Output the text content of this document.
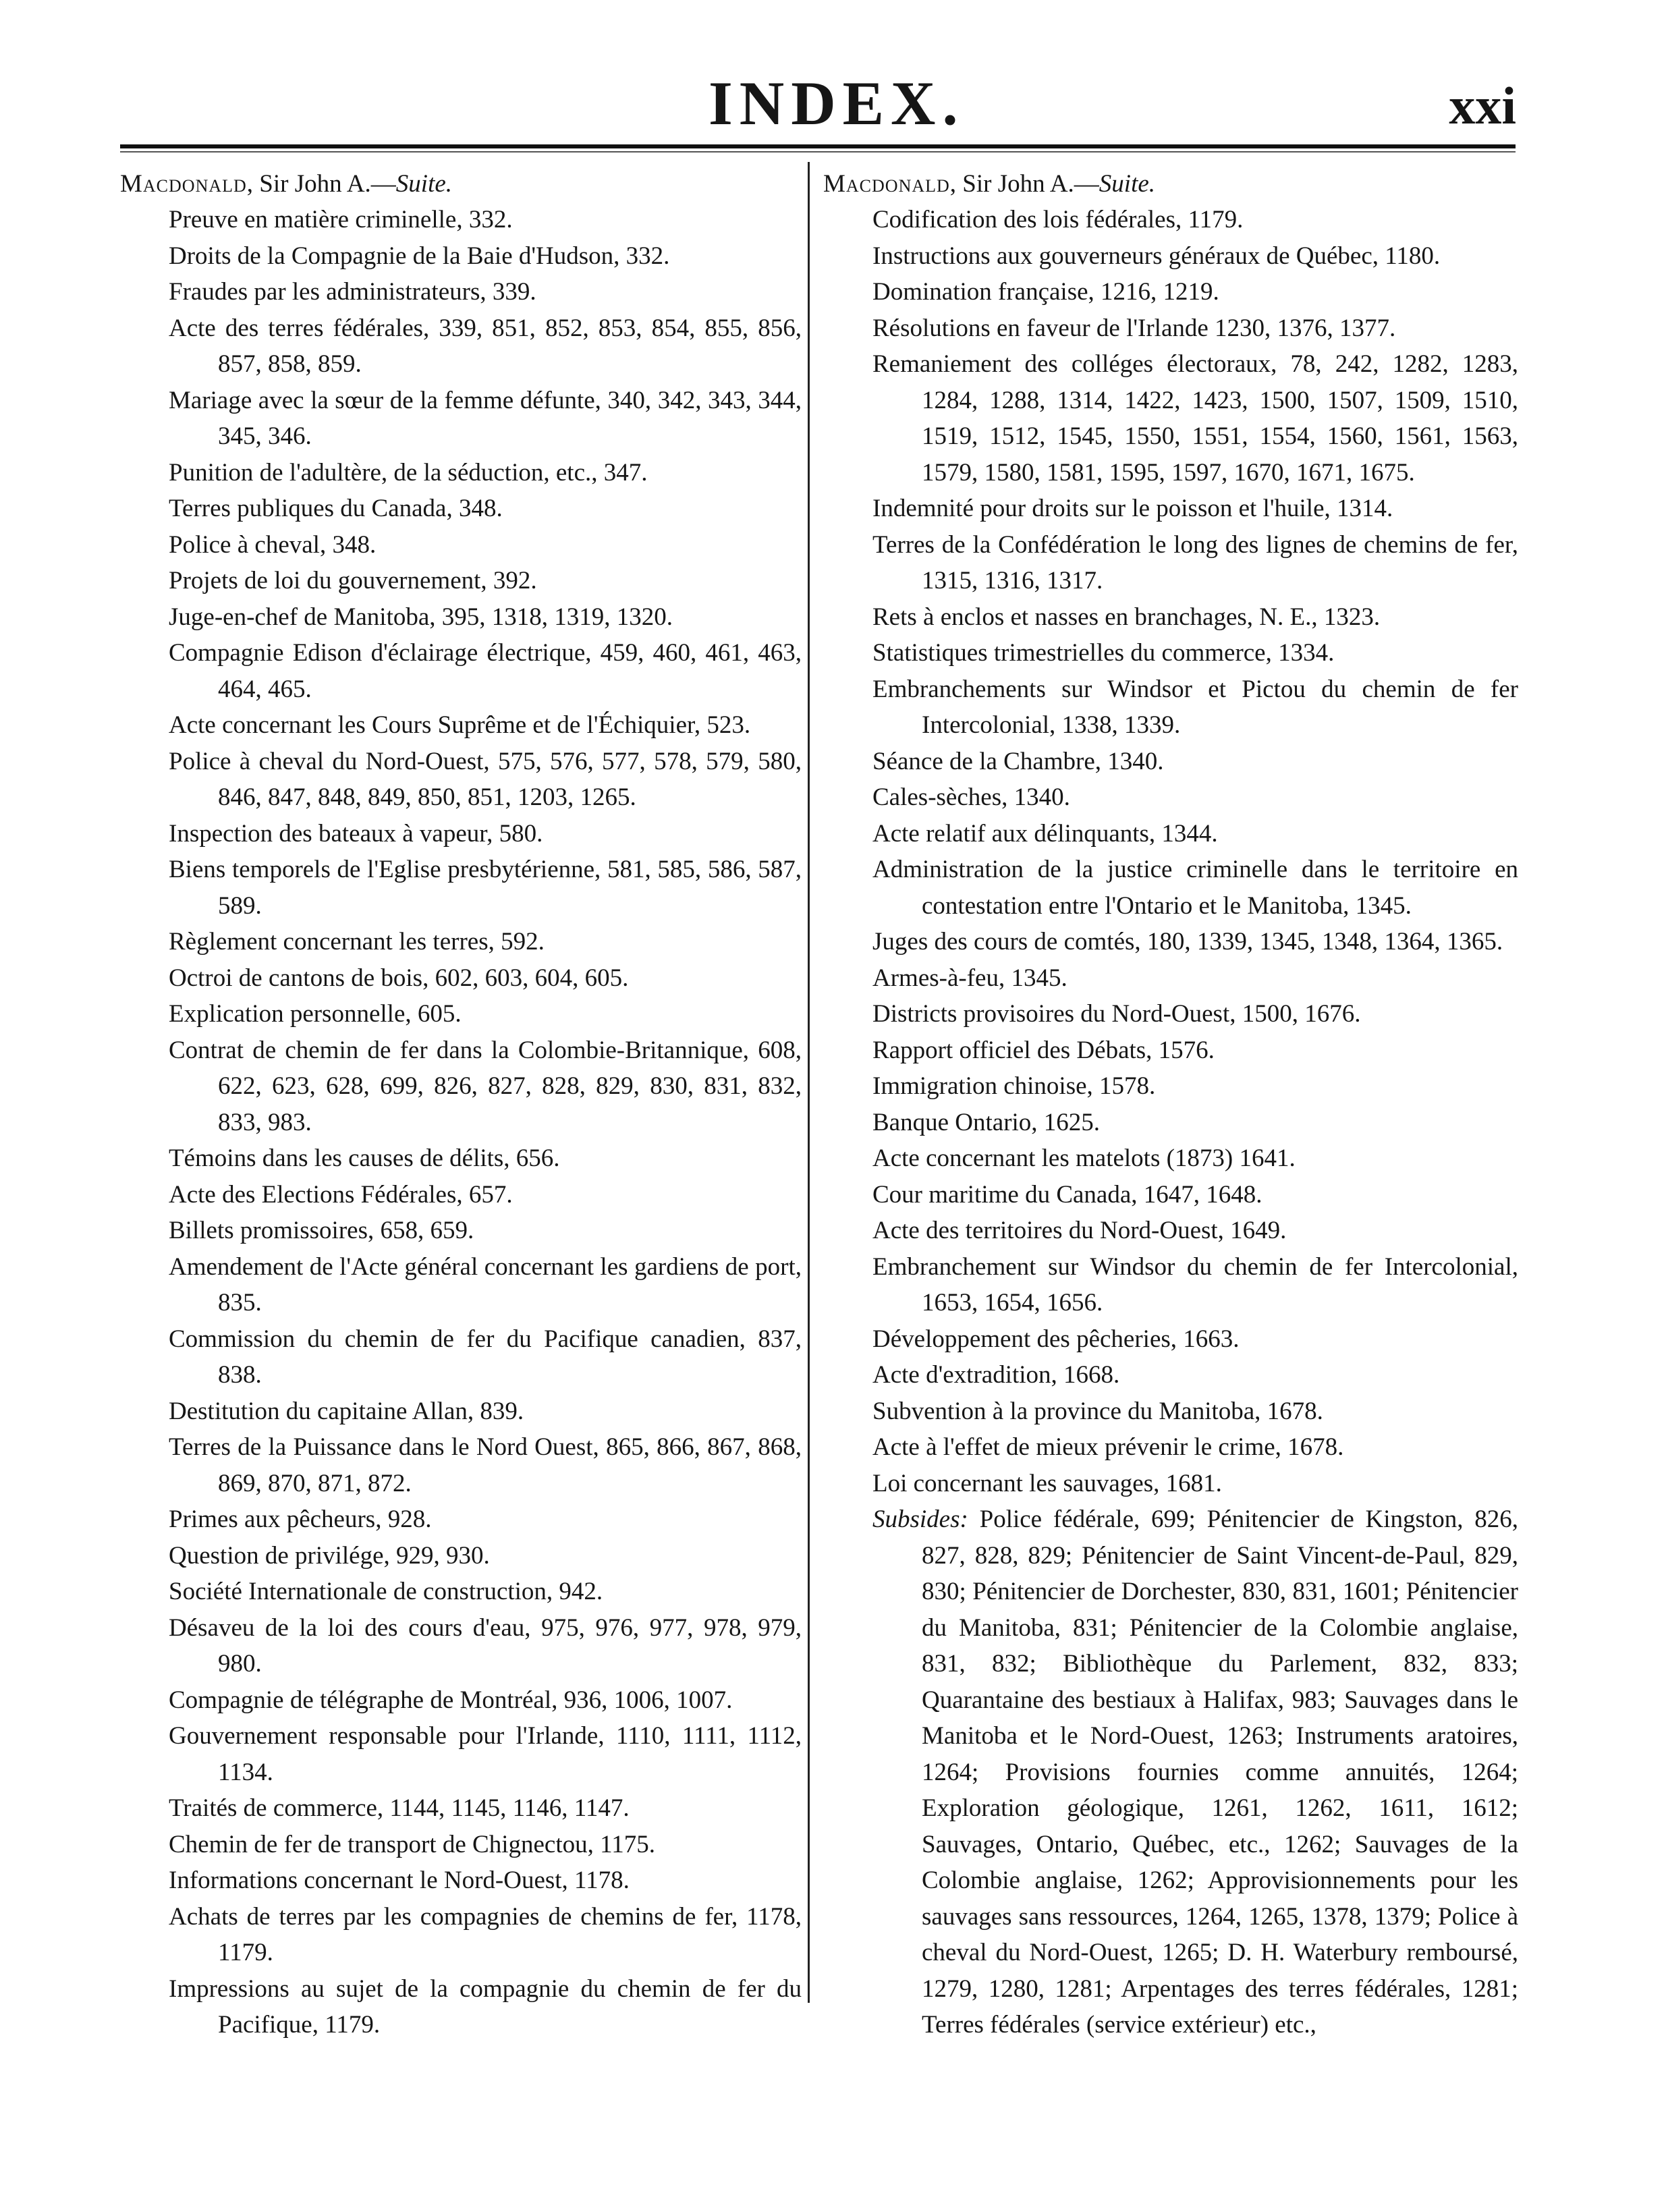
INDEX.	xxi

Macdonald, Sir John A.—Suite.

Preuve en matière criminelle, 332.
Droits de la Compagnie de la Baie d'Hudson, 332.
Fraudes par les administrateurs, 339.
Acte des terres fédérales, 339, 851, 852, 853, 854, 855, 856, 857, 858, 859.
Mariage avec la sœur de la femme défunte, 340, 342, 343, 344, 345, 346.
Punition de l'adultère, de la séduction, etc., 347.
Terres publiques du Canada, 348.
Police à cheval, 348.
Projets de loi du gouvernement, 392.
Juge-en-chef de Manitoba, 395, 1318, 1319, 1320.
Compagnie Edison d'éclairage électrique, 459, 460, 461, 463, 464, 465.
Acte concernant les Cours Suprême et de l'Échiquier, 523.
Police à cheval du Nord-Ouest, 575, 576, 577, 578, 579, 580, 846, 847, 848, 849, 850, 851, 1203, 1265.
Inspection des bateaux à vapeur, 580.
Biens temporels de l'Eglise presbytérienne, 581, 585, 586, 587, 589.
Règlement concernant les terres, 592.
Octroi de cantons de bois, 602, 603, 604, 605.
Explication personnelle, 605.
Contrat de chemin de fer dans la Colombie-Britannique, 608, 622, 623, 628, 699, 826, 827, 828, 829, 830, 831, 832, 833, 983.
Témoins dans les causes de délits, 656.
Acte des Elections Fédérales, 657.
Billets promissoires, 658, 659.
Amendement de l'Acte général concernant les gardiens de port, 835.
Commission du chemin de fer du Pacifique canadien, 837, 838.
Destitution du capitaine Allan, 839.
Terres de la Puissance dans le Nord Ouest, 865, 866, 867, 868, 869, 870, 871, 872.
Primes aux pêcheurs, 928.
Question de privilége, 929, 930.
Société Internationale de construction, 942.
Désaveu de la loi des cours d'eau, 975, 976, 977, 978, 979, 980.
Compagnie de télégraphe de Montréal, 936, 1006, 1007.
Gouvernement responsable pour l'Irlande, 1110, 1111, 1112, 1134.
Traités de commerce, 1144, 1145, 1146, 1147.
Chemin de fer de transport de Chignectou, 1175.
Informations concernant le Nord-Ouest, 1178.
Achats de terres par les compagnies de chemins de fer, 1178, 1179.
Impressions au sujet de la compagnie du chemin de fer du Pacifique, 1179.

Macdonald, Sir John A.—Suite.

Codification des lois fédérales, 1179.
Instructions aux gouverneurs généraux de Québec, 1180.
Domination française, 1216, 1219.
Résolutions en faveur de l'Irlande 1230, 1376, 1377.
Remaniement des colléges électoraux, 78, 242, 1282, 1283, 1284, 1288, 1314, 1422, 1423, 1500, 1507, 1509, 1510, 1519, 1512, 1545, 1550, 1551, 1554, 1560, 1561, 1563, 1579, 1580, 1581, 1595, 1597, 1670, 1671, 1675.
Indemnité pour droits sur le poisson et l'huile, 1314.
Terres de la Confédération le long des lignes de chemins de fer, 1315, 1316, 1317.
Rets à enclos et nasses en branchages, N. E., 1323.
Statistiques trimestrielles du commerce, 1334.
Embranchements sur Windsor et Pictou du chemin de fer Intercolonial, 1338, 1339.
Séance de la Chambre, 1340.
Cales-sèches, 1340.
Acte relatif aux délinquants, 1344.
Administration de la justice criminelle dans le territoire en contestation entre l'Ontario et le Manitoba, 1345.
Juges des cours de comtés, 180, 1339, 1345, 1348, 1364, 1365.
Armes-à-feu, 1345.
Districts provisoires du Nord-Ouest, 1500, 1676.
Rapport officiel des Débats, 1576.
Immigration chinoise, 1578.
Banque Ontario, 1625.
Acte concernant les matelots (1873) 1641.
Cour maritime du Canada, 1647, 1648.
Acte des territoires du Nord-Ouest, 1649.
Embranchement sur Windsor du chemin de fer Intercolonial, 1653, 1654, 1656.
Développement des pêcheries, 1663.
Acte d'extradition, 1668.
Subvention à la province du Manitoba, 1678.
Acte à l'effet de mieux prévenir le crime, 1678.
Loi concernant les sauvages, 1681.
Subsides: Police fédérale, 699; Pénitencier de Kingston, 826, 827, 828, 829; Pénitencier de Saint Vincent-de-Paul, 829, 830; Pénitencier de Dorchester, 830, 831, 1601; Pénitencier du Manitoba, 831; Pénitencier de la Colombie anglaise, 831, 832; Bibliothèque du Parlement, 832, 833; Quarantaine des bestiaux à Halifax, 983; Sauvages dans le Manitoba et le Nord-Ouest, 1263; Instruments aratoires, 1264; Provisions fournies comme annuités, 1264; Exploration géologique, 1261, 1262, 1611, 1612; Sauvages, Ontario, Québec, etc., 1262; Sauvages de la Colombie anglaise, 1262; Approvisionnements pour les sauvages sans ressources, 1264, 1265, 1378, 1379; Police à cheval du Nord-Ouest, 1265; D. H. Waterbury remboursé, 1279, 1280, 1281; Arpentages des terres fédérales, 1281; Terres fédérales (service extérieur) etc.,
